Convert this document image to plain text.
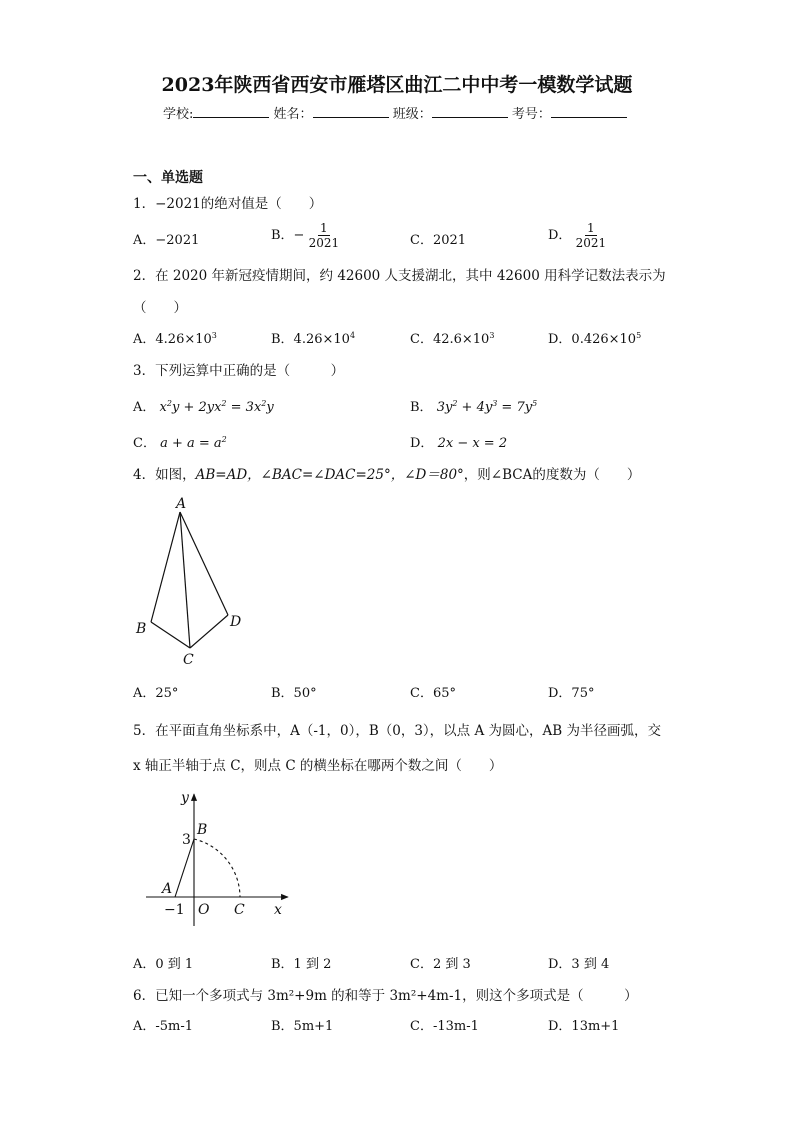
2023年陕西省西安市雁塔区曲江二中中考一模数学试题
学校:	姓名：	班级：	考号：
一、单选题
1．−2021的绝对值是（　　）
A．−2021	B．− $\frac{1}{2021}$	C．2021	D． $\frac{1}{2021}$
2．在 2020 年新冠疫情期间，约 42600 人支援湖北，其中 42600 用科学记数法表示为
（　　）
A．$4.26\times 10^3$	B．$4.26\times 10^4$	C．$42.6\times 10^3$	D．$0.426\times 10^5$
3．下列运算中正确的是（　　　）
A． $x^2y + 2yx^2 = 3x^2y$	B． $3y^2 + 4y^3 = 7y^5$
C． $a + a = a^2$	D． 2x − x = 2
4．如图，AB=AD，∠BAC=∠DAC=25°，∠D＝80°，则∠BCA的度数为（　　）
A
B
C
D
A．25°	B．50°	C．65°	D．75°
5．在平面直角坐标系中，A（-1，0），B（0，3），以点 A 为圆心，AB 为半径画弧，交
x 轴正半轴于点 C，则点 C 的横坐标在哪两个数之间（　　）
y
x
3
B
A
−1 O C
A．0 到 1	B．1 到 2	C．2 到 3	D．3 到 4
6．已知一个多项式与 3m²+9m 的和等于 3m²+4m-1，则这个多项式是（　　　）
A．-5m-1	B．5m+1	C．-13m-1	D．13m+1
